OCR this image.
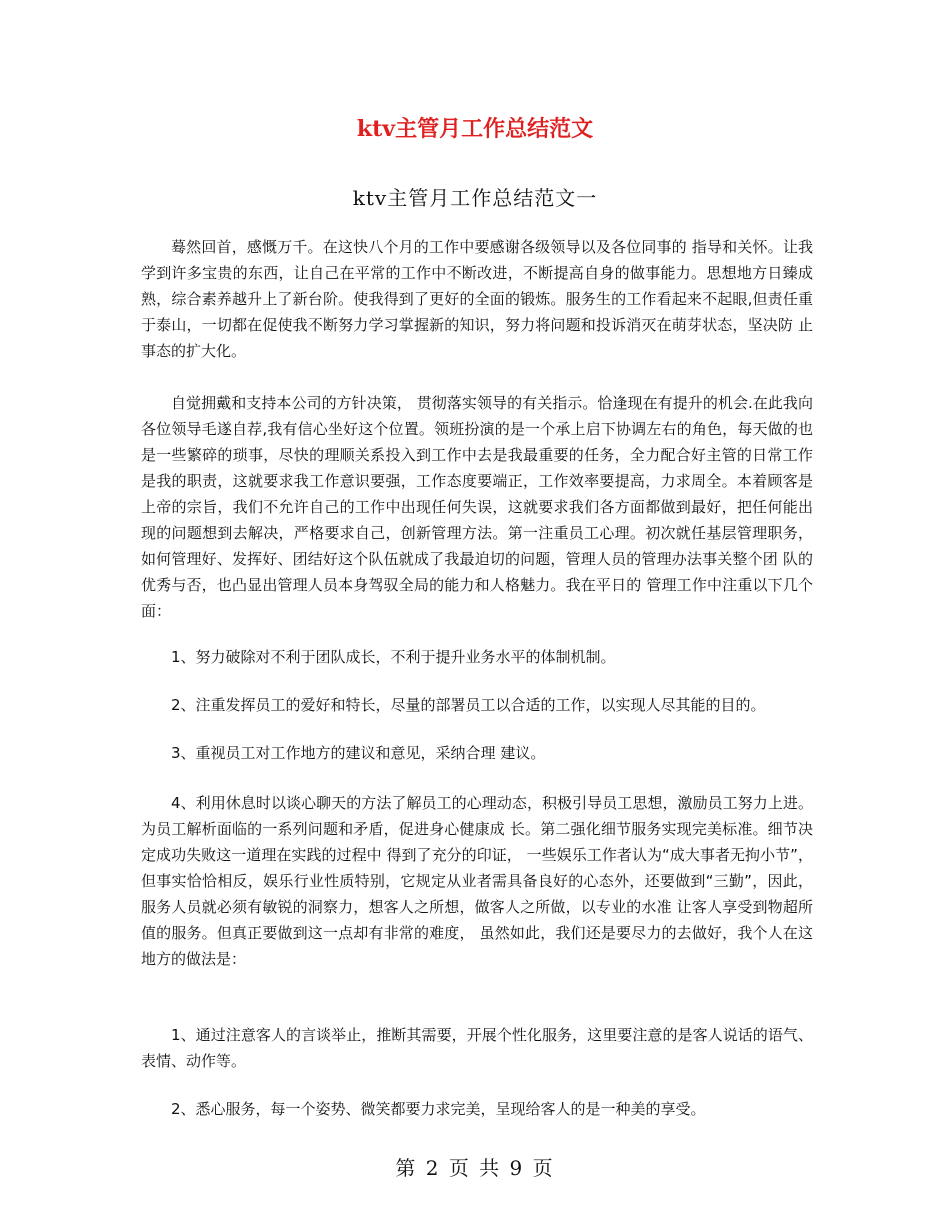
ktv主管月工作总结范文
ktv主管月工作总结范文一

蓦然回首，感慨万千。在这快八个月的工作中要感谢各级领导以及各位同事的 指导和关怀。让我学到许多宝贵的东西，让自己在平常的工作中不断改进，不断提高自身的做事能力。思想地方日臻成熟，综合素养越升上了新台阶。使我得到了更好的全面的锻炼。服务生的工作看起来不起眼,但责任重于泰山，一切都在促使我不断努力学习掌握新的知识，努力将问题和投诉消灭在萌芽状态，坚决防 止事态的扩大化。

自觉拥戴和支持本公司的方针决策， 贯彻落实领导的有关指示。恰逢现在有提升的机会.在此我向各位领导毛遂自荐,我有信心坐好这个位置。领班扮演的是一个承上启下协调左右的角色，每天做的也是一些繁碎的琐事，尽快的理顺关系投入到工作中去是我最重要的任务，全力配合好主管的日常工作 是我的职责，这就要求我工作意识要强，工作态度要端正，工作效率要提高，力求周全。本着顾客是上帝的宗旨，我们不允许自己的工作中出现任何失误，这就要求我们各方面都做到最好，把任何能出现的问题想到去解决，严格要求自己，创新管理方法。第一注重员工心理。初次就任基层管理职务，如何管理好、发挥好、团结好这个队伍就成了我最迫切的问题，管理人员的管理办法事关整个团 队的优秀与否，也凸显出管理人员本身驾驭全局的能力和人格魅力。我在平日的 管理工作中注重以下几个面：

1、努力破除对不利于团队成长，不利于提升业务水平的体制机制。

2、注重发挥员工的爱好和特长，尽量的部署员工以合适的工作，以实现人尽其能的目的。

3、重视员工对工作地方的建议和意见，采纳合理 建议。

4、利用休息时以谈心聊天的方法了解员工的心理动态，积极引导员工思想，激励员工努力上进。为员工解析面临的一系列问题和矛盾，促进身心健康成 长。第二强化细节服务实现完美标准。细节决定成功失败这一道理在实践的过程中 得到了充分的印证， 一些娱乐工作者认为“成大事者无拘小节”，但事实恰恰相反，娱乐行业性质特别，它规定从业者需具备良好的心态外，还要做到“三勤”，因此，服务人员就必须有敏锐的洞察力，想客人之所想，做客人之所做，以专业的水准 让客人享受到物超所值的服务。但真正要做到这一点却有非常的难度， 虽然如此，我们还是要尽力的去做好，我个人在这地方的做法是：

1、通过注意客人的言谈举止，推断其需要，开展个性化服务，这里要注意的是客人说话的语气、表情、动作等。

2、悉心服务，每一个姿势、微笑都要力求完美，呈现给客人的是一种美的享受。

第 2 页 共 9 页
